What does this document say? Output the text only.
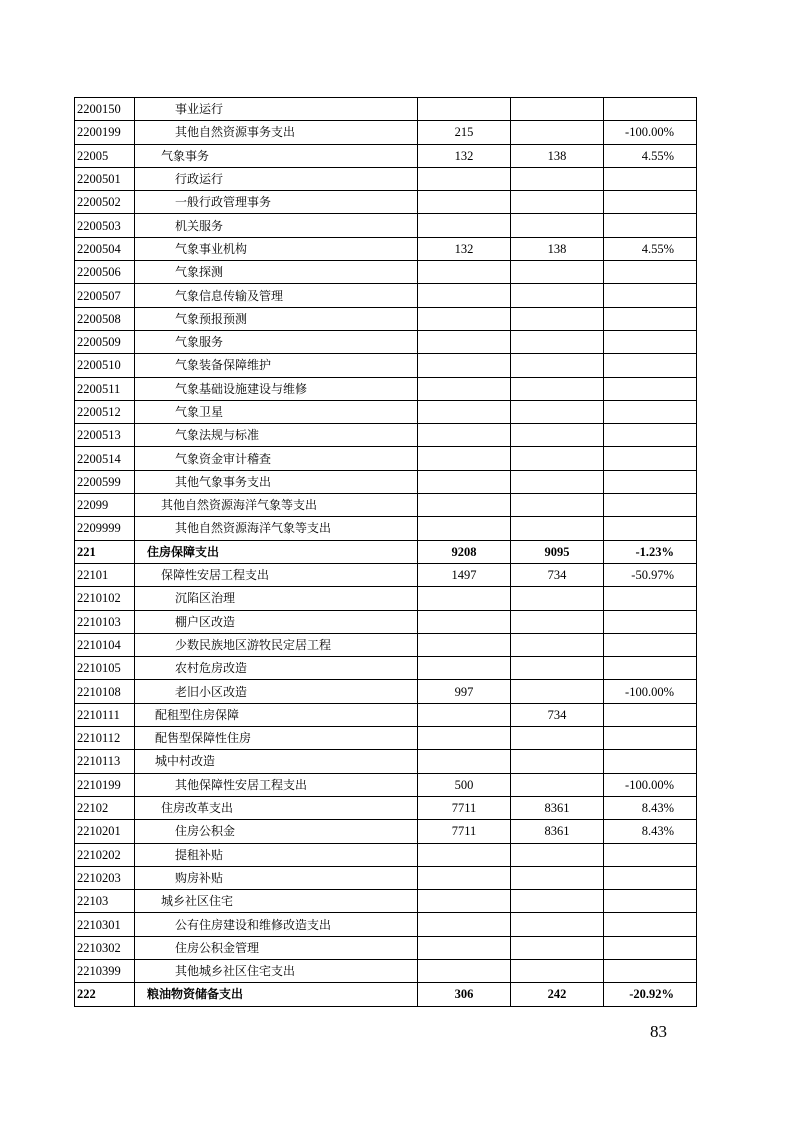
2200150	事业运行			
2200199	其他自然资源事务支出	215		-100.00%
22005	气象事务	132	138	4.55%
2200501	行政运行			
2200502	一般行政管理事务			
2200503	机关服务			
2200504	气象事业机构	132	138	4.55%
2200506	气象探测			
2200507	气象信息传输及管理			
2200508	气象预报预测			
2200509	气象服务			
2200510	气象装备保障维护			
2200511	气象基础设施建设与维修			
2200512	气象卫星			
2200513	气象法规与标准			
2200514	气象资金审计稽查			
2200599	其他气象事务支出			
22099	其他自然资源海洋气象等支出			
2209999	其他自然资源海洋气象等支出			
221	住房保障支出	9208	9095	-1.23%
22101	保障性安居工程支出	1497	734	-50.97%
2210102	沉陷区治理			
2210103	棚户区改造			
2210104	少数民族地区游牧民定居工程			
2210105	农村危房改造			
2210108	老旧小区改造	997		-100.00%
2210111	配租型住房保障		734	
2210112	配售型保障性住房			
2210113	城中村改造			
2210199	其他保障性安居工程支出	500		-100.00%
22102	住房改革支出	7711	8361	8.43%
2210201	住房公积金	7711	8361	8.43%
2210202	提租补贴			
2210203	购房补贴			
22103	城乡社区住宅			
2210301	公有住房建设和维修改造支出			
2210302	住房公积金管理			
2210399	其他城乡社区住宅支出			
222	粮油物资储备支出	306	242	-20.92%
83
